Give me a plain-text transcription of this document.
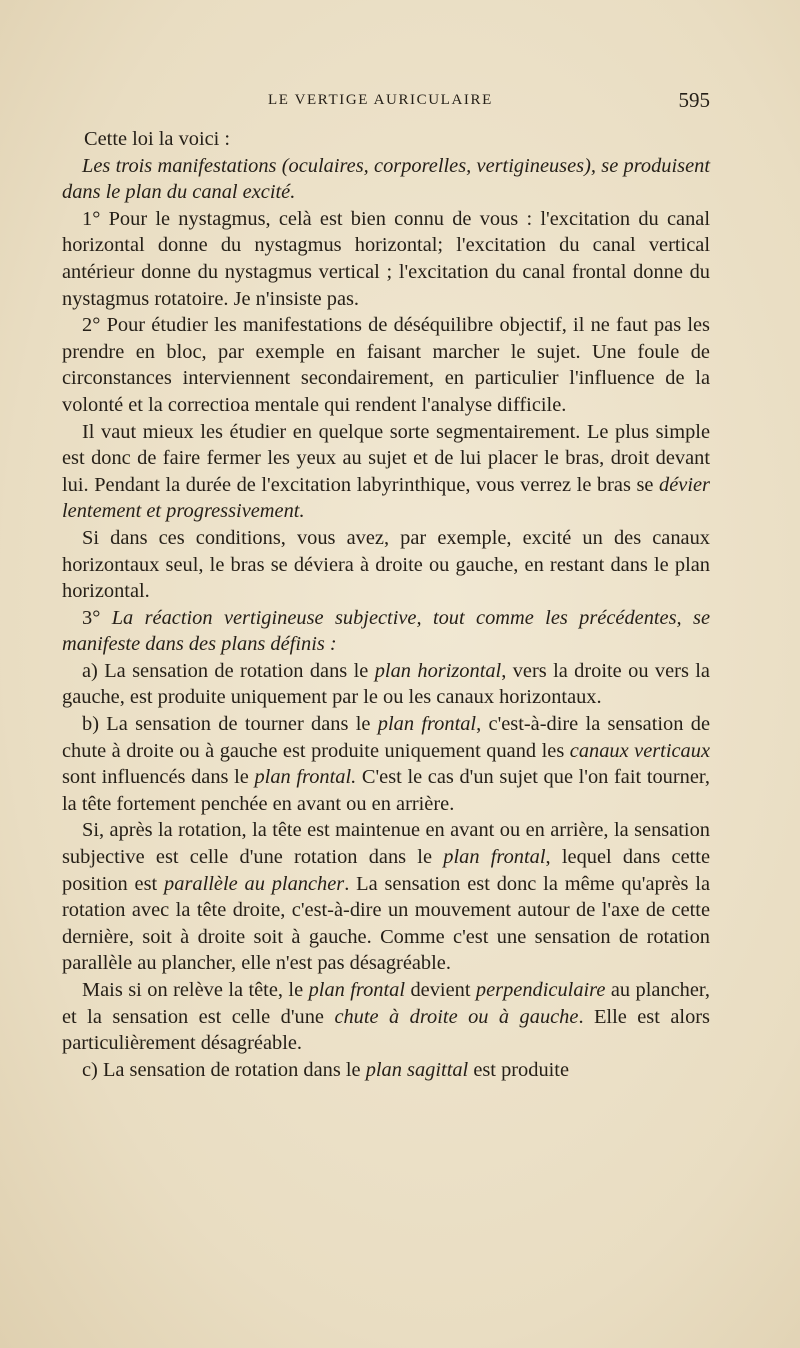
LE VERTIGE AURICULAIRE	595

Cette loi la voici :

Les trois manifestations (oculaires, corporelles, vertigineuses), se produisent dans le plan du canal excité.

1° Pour le nystagmus, celà est bien connu de vous : l'excitation du canal horizontal donne du nystagmus horizontal; l'excitation du canal vertical antérieur donne du nystagmus vertical ; l'excitation du canal frontal donne du nystagmus rotatoire. Je n'insiste pas.

2° Pour étudier les manifestations de déséquilibre objectif, il ne faut pas les prendre en bloc, par exemple en faisant marcher le sujet. Une foule de circonstances interviennent secondairement, en particulier l'influence de la volonté et la correctioa mentale qui rendent l'analyse difficile.

Il vaut mieux les étudier en quelque sorte segmentairement. Le plus simple est donc de faire fermer les yeux au sujet et de lui placer le bras, droit devant lui. Pendant la durée de l'excitation labyrinthique, vous verrez le bras se dévier lentement et progressivement.

Si dans ces conditions, vous avez, par exemple, excité un des canaux horizontaux seul, le bras se déviera à droite ou gauche, en restant dans le plan horizontal.

3° La réaction vertigineuse subjective, tout comme les précédentes, se manifeste dans des plans définis :

a) La sensation de rotation dans le plan horizontal, vers la droite ou vers la gauche, est produite uniquement par le ou les canaux horizontaux.

b) La sensation de tourner dans le plan frontal, c'est-à-dire la sensation de chute à droite ou à gauche est produite uniquement quand les canaux verticaux sont influencés dans le plan frontal. C'est le cas d'un sujet que l'on fait tourner, la tête fortement penchée en avant ou en arrière.

Si, après la rotation, la tête est maintenue en avant ou en arrière, la sensation subjective est celle d'une rotation dans le plan frontal, lequel dans cette position est parallèle au plancher. La sensation est donc la même qu'après la rotation avec la tête droite, c'est-à-dire un mouvement autour de l'axe de cette dernière, soit à droite soit à gauche. Comme c'est une sensation de rotation parallèle au plancher, elle n'est pas désagréable.

Mais si on relève la tête, le plan frontal devient perpendiculaire au plancher, et la sensation est celle d'une chute à droite ou à gauche. Elle est alors particulièrement désagréable.

c) La sensation de rotation dans le plan sagittal est produite
